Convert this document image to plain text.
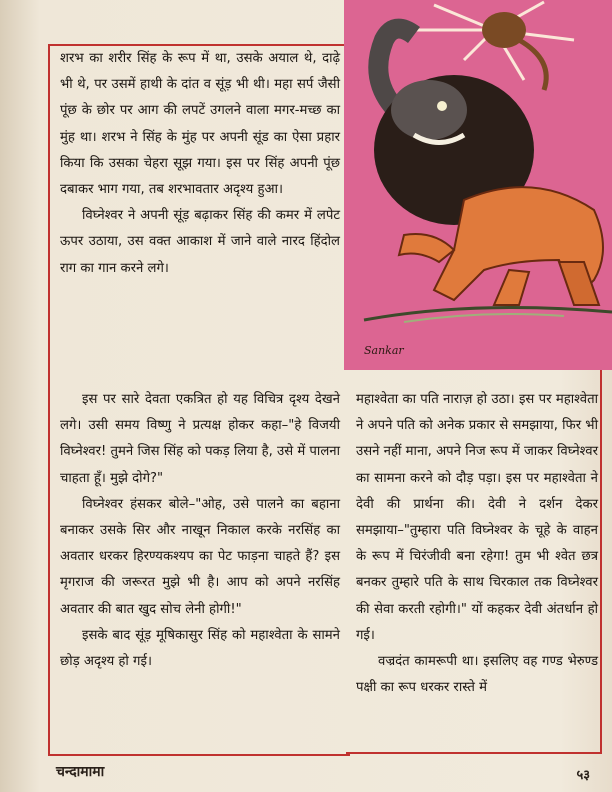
Sankar

शरभ का शरीर सिंह के रूप में था, उसके अयाल थे, दाढ़े भी थे, पर उसमें हाथी के दांत व सूंड़ भी थी। महा सर्प जैसी पूंछ के छोर पर आग की लपटें उगलने वाला मगर-मच्छ का मुंह था। शरभ ने सिंह के मुंह पर अपनी सूंड का ऐसा प्रहार किया कि उसका चेहरा सूझ गया। इस पर सिंह अपनी पूंछ दबाकर भाग गया, तब शरभावतार अदृश्य हुआ।

विघ्नेश्वर ने अपनी सूंड़ बढ़ाकर सिंह की कमर में लपेट ऊपर उठाया, उस वक्त आकाश में जाने वाले नारद हिंदोल राग का गान करने लगे।

इस पर सारे देवता एकत्रित हो यह विचित्र दृश्य देखने लगे। उसी समय विष्णु ने प्रत्यक्ष होकर कहा–"हे विजयी विघ्नेश्वर! तुमने जिस सिंह को पकड़ लिया है, उसे में पालना चाहता हूँ। मुझे दोगे?"

विघ्नेश्वर हंसकर बोले–"ओह, उसे पालने का बहाना बनाकर उसके सिर और नाखून निकाल करके नरसिंह का अवतार धरकर हिरण्यकश्यप का पेट फाड़ना चाहते हैं? इस मृगराज की जरूरत मुझे भी है। आप को अपने नरसिंह अवतार की बात खुद सोच लेनी होगी!"

इसके बाद सूंड़ मूषिकासुर सिंह को महाश्वेता के सामने छोड़ अदृश्य हो गई।

महाश्वेता का पति नाराज़ हो उठा। इस पर महाश्वेता ने अपने पति को अनेक प्रकार से समझाया, फिर भी उसने नहीं माना, अपने निज रूप में जाकर विघ्नेश्वर का सामना करने को दौड़ पड़ा। इस पर महाश्वेता ने देवी की प्रार्थना की। देवी ने दर्शन देकर समझाया–"तुम्हारा पति विघ्नेश्वर के चूहे के वाहन के रूप में चिरंजीवी बना रहेगा! तुम भी श्वेत छत्र बनकर तुम्हारे पति के साथ चिरकाल तक विघ्नेश्वर की सेवा करती रहोगी।" यों कहकर देवी अंतर्धान हो गई।

वज्रदंत कामरूपी था। इसलिए वह गण्ड भेरुण्ड पक्षी का रूप धरकर रास्ते में

चन्दामामा	५३
